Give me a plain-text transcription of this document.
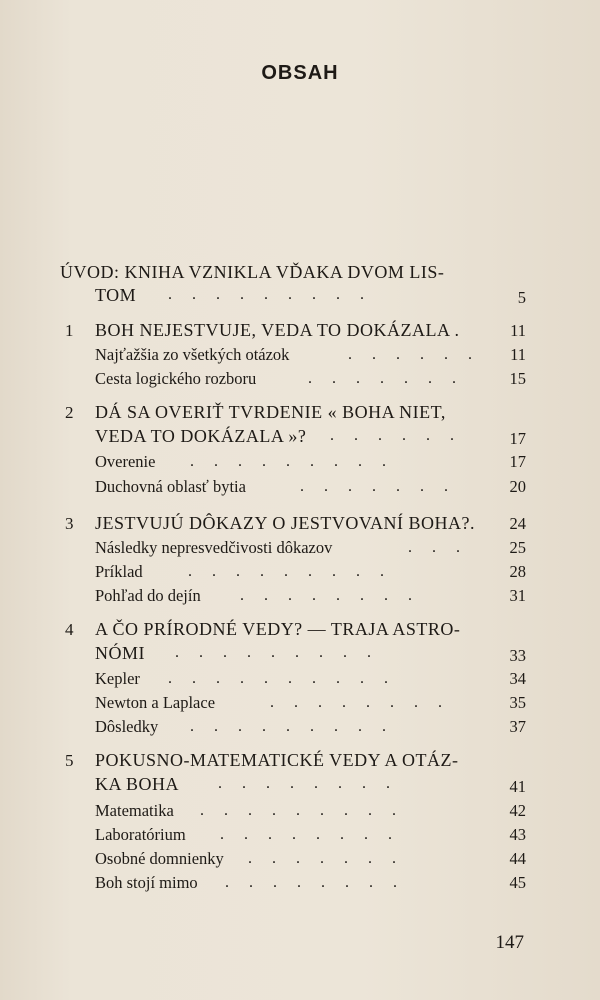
OBSAH
ÚVOD: KNIHA VZNIKLA VĎAKA DVOM LIS-
TOM . . . . . . . . .	5
1 BOH NEJESTVUJE, VEDA TO DOKÁZALA .	11
Najťažšia zo všetkých otázok	. . . . . .	11
Cesta logického rozboru	. . . . . . .	15
2 DÁ SA OVERIŤ TVRDENIE « BOHA NIET,
VEDA TO DOKÁZALA »? . . . . . .	17
Overenie . . . . . . . . .	17
Duchovná oblasť bytia	. . . . . . .	20
3 JESTVUJÚ DÔKAZY O JESTVOVANÍ BOHA?.	24
Následky nepresvedčivosti dôkazov	. . .	25
Príklad	. . . . . . . . .	28
Pohľad do dejín . . . . . . . .	31
4 A ČO PRÍRODNÉ VEDY? — TRAJA ASTRO-
NÓMI . . . . . . . . .	33
Kepler . . . . . . . . . .	34
Newton a Laplace	. . . . . . . .	35
Dôsledky . . . . . . . . .	37
5 POKUSNO-MATEMATICKÉ VEDY A OTÁZ-
KA BOHA . . . . . . . .	41
Matematika . . . . . . . . .	42
Laboratórium . . . . . . . .	43
Osobné domnienky . . . . . . .	44
Boh stojí mimo . . . . . . . .	45
147
